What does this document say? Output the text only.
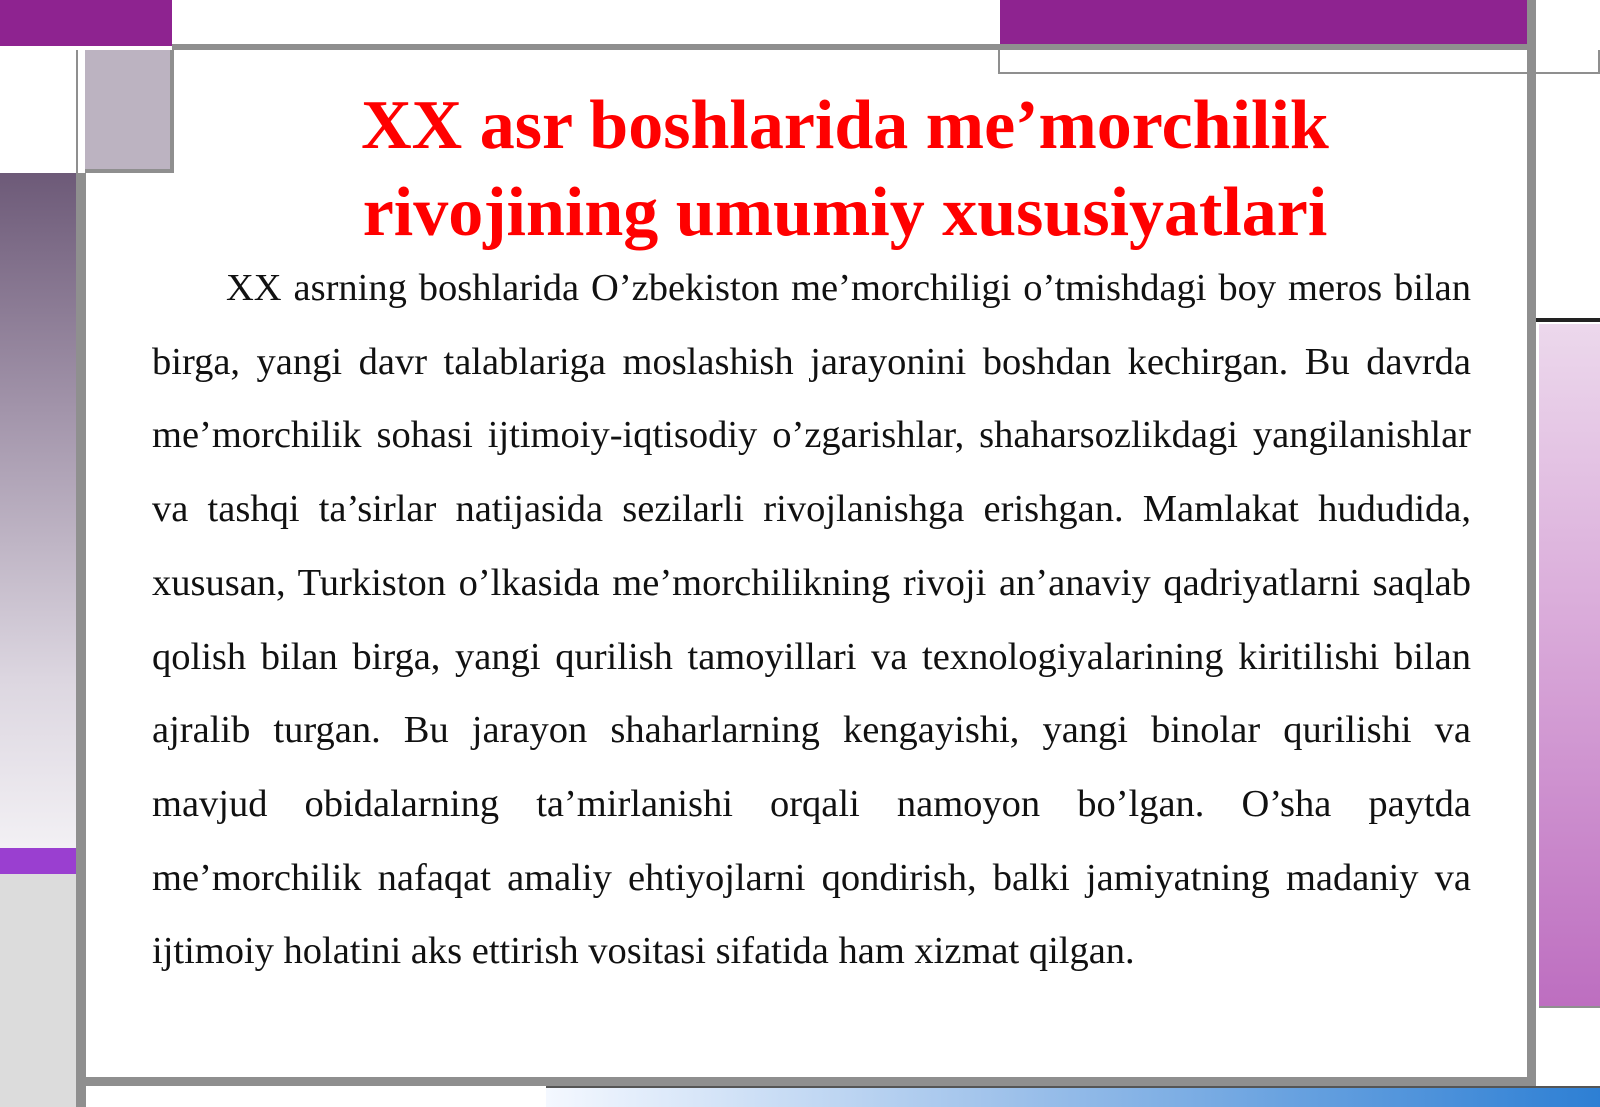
XX asr boshlarida me’morchilik
rivojining umumiy xususiyatlari

XX asrning boshlarida O’zbekiston me’morchiligi o’tmishdagi boy meros bilan birga, yangi davr talablariga moslashish jarayonini boshdan kechirgan. Bu davrda me’morchilik sohasi ijtimoiy-iqtisodiy o’zgarishlar, shaharsozlikdagi yangilanishlar va tashqi ta’sirlar natijasida sezilarli rivojlanishga erishgan. Mamlakat hududida, xususan, Turkiston o’lkasida me’morchilikning rivoji an’anaviy qadriyatlarni saqlab qolish bilan birga, yangi qurilish tamoyillari va texnologiyalarining kiritilishi bilan ajralib turgan. Bu jarayon shaharlarning kengayishi, yangi binolar qurilishi va mavjud obidalarning ta’mirlanishi orqali namoyon bo’lgan. O’sha paytda me’morchilik nafaqat amaliy ehtiyojlarni qondirish, balki jamiyatning madaniy va ijtimoiy holatini aks ettirish vositasi sifatida ham xizmat qilgan.
